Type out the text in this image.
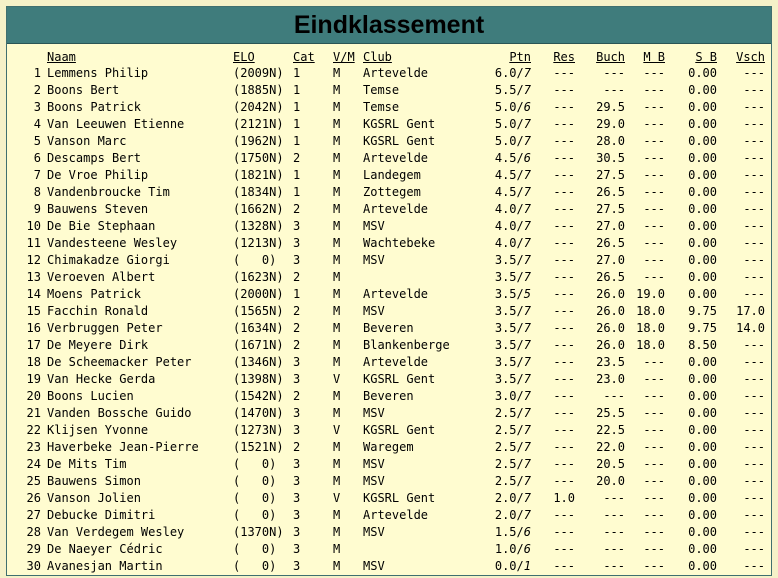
Eindklassement
	Naam	ELO	Cat	V/M	Club	Ptn	Res	Buch	M B	S B	Vsch
1	Lemmens Philip	(2009N)	1	M	Artevelde	6.0/7	---	---	---	0.00	---
2	Boons Bert	(1885N)	1	M	Temse	5.5/7	---	---	---	0.00	---
3	Boons Patrick	(2042N)	1	M	Temse	5.0/6	---	29.5	---	0.00	---
4	Van Leeuwen Etienne	(2121N)	1	M	KGSRL Gent	5.0/7	---	29.0	---	0.00	---
5	Vanson Marc	(1962N)	1	M	KGSRL Gent	5.0/7	---	28.0	---	0.00	---
6	Descamps Bert	(1750N)	2	M	Artevelde	4.5/6	---	30.5	---	0.00	---
7	De Vroe Philip	(1821N)	1	M	Landegem	4.5/7	---	27.5	---	0.00	---
8	Vandenbroucke Tim	(1834N)	1	M	Zottegem	4.5/7	---	26.5	---	0.00	---
9	Bauwens Steven	(1662N)	2	M	Artevelde	4.0/7	---	27.5	---	0.00	---
10	De Bie Stephaan	(1328N)	3	M	MSV	4.0/7	---	27.0	---	0.00	---
11	Vandesteene Wesley	(1213N)	3	M	Wachtebeke	4.0/7	---	26.5	---	0.00	---
12	Chimakadze Giorgi	(   0)	3	M	MSV	3.5/7	---	27.0	---	0.00	---
13	Veroeven Albert	(1623N)	2	M		3.5/7	---	26.5	---	0.00	---
14	Moens Patrick	(2000N)	1	M	Artevelde	3.5/5	---	26.0	19.0	0.00	---
15	Facchin Ronald	(1565N)	2	M	MSV	3.5/7	---	26.0	18.0	9.75	17.0
16	Verbruggen Peter	(1634N)	2	M	Beveren	3.5/7	---	26.0	18.0	9.75	14.0
17	De Meyere Dirk	(1671N)	2	M	Blankenberge	3.5/7	---	26.0	18.0	8.50	---
18	De Scheemacker Peter	(1346N)	3	M	Artevelde	3.5/7	---	23.5	---	0.00	---
19	Van Hecke Gerda	(1398N)	3	V	KGSRL Gent	3.5/7	---	23.0	---	0.00	---
20	Boons Lucien	(1542N)	2	M	Beveren	3.0/7	---	---	---	0.00	---
21	Vanden Bossche Guido	(1470N)	3	M	MSV	2.5/7	---	25.5	---	0.00	---
22	Klijsen Yvonne	(1273N)	3	V	KGSRL Gent	2.5/7	---	22.5	---	0.00	---
23	Haverbeke Jean-Pierre	(1521N)	2	M	Waregem	2.5/7	---	22.0	---	0.00	---
24	De Mits Tim	(   0)	3	M	MSV	2.5/7	---	20.5	---	0.00	---
25	Bauwens Simon	(   0)	3	M	MSV	2.5/7	---	20.0	---	0.00	---
26	Vanson Jolien	(   0)	3	V	KGSRL Gent	2.0/7	1.0	---	---	0.00	---
27	Debucke Dimitri	(   0)	3	M	Artevelde	2.0/7	---	---	---	0.00	---
28	Van Verdegem Wesley	(1370N)	3	M	MSV	1.5/6	---	---	---	0.00	---
29	De Naeyer Cédric	(   0)	3	M		1.0/6	---	---	---	0.00	---
30	Avanesjan Martin	(   0)	3	M	MSV	0.0/1	---	---	---	0.00	---
